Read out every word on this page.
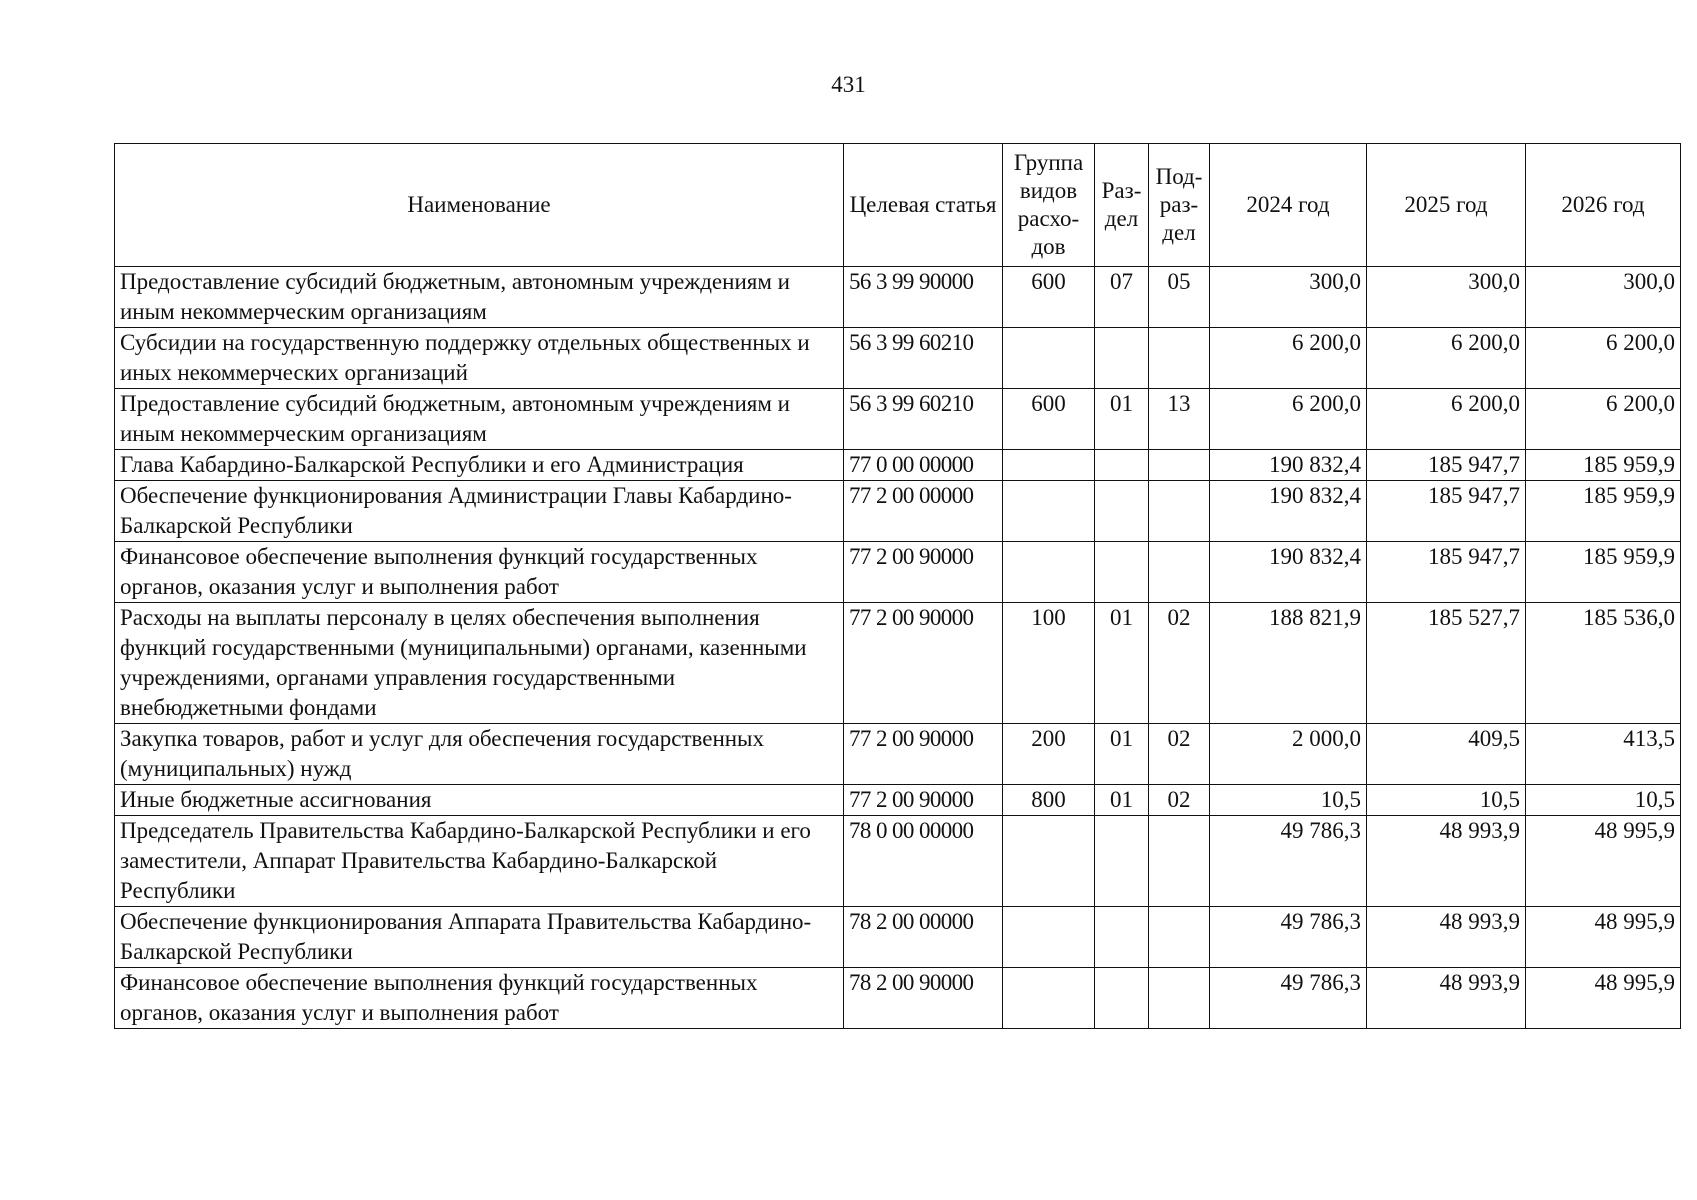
431
Наименование	Целевая статья	Группа видов расхо-дов	Раз-дел	Под-раз-дел	2024 год	2025 год	2026 год
Предоставление субсидий бюджетным, автономным учреждениям и иным некоммерческим организациям	56 3 99 90000	600	07	05	300,0	300,0	300,0
Субсидии на государственную поддержку отдельных общественных и иных некоммерческих организаций	56 3 99 60210				6 200,0	6 200,0	6 200,0
Предоставление субсидий бюджетным, автономным учреждениям и иным некоммерческим организациям	56 3 99 60210	600	01	13	6 200,0	6 200,0	6 200,0
Глава Кабардино-Балкарской Республики и его Администрация	77 0 00 00000				190 832,4	185 947,7	185 959,9
Обеспечение функционирования Администрации Главы Кабардино-Балкарской Республики	77 2 00 00000				190 832,4	185 947,7	185 959,9
Финансовое обеспечение выполнения функций государственных органов, оказания услуг и выполнения работ	77 2 00 90000				190 832,4	185 947,7	185 959,9
Расходы на выплаты персоналу в целях обеспечения выполнения функций государственными (муниципальными) органами, казенными учреждениями, органами управления государственными внебюджетными фондами	77 2 00 90000	100	01	02	188 821,9	185 527,7	185 536,0
Закупка товаров, работ и услуг для обеспечения государственных (муниципальных) нужд	77 2 00 90000	200	01	02	2 000,0	409,5	413,5
Иные бюджетные ассигнования	77 2 00 90000	800	01	02	10,5	10,5	10,5
Председатель Правительства Кабардино-Балкарской Республики и его заместители, Аппарат Правительства Кабардино-Балкарской Республики	78 0 00 00000				49 786,3	48 993,9	48 995,9
Обеспечение функционирования Аппарата Правительства Кабардино-Балкарской Республики	78 2 00 00000				49 786,3	48 993,9	48 995,9
Финансовое обеспечение выполнения функций государственных органов, оказания услуг и выполнения работ	78 2 00 90000				49 786,3	48 993,9	48 995,9
